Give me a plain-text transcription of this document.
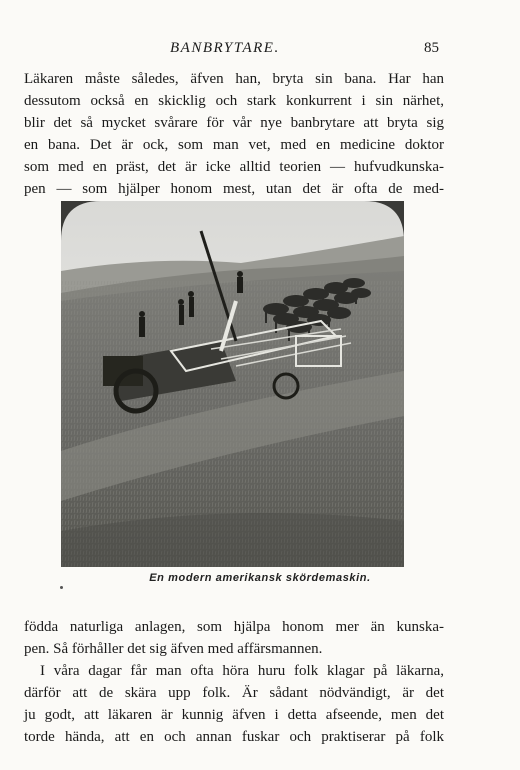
BANBRYTARE.	85
Läkaren måste således, äfven han, bryta sin bana. Har han
dessutom också en skicklig och stark konkurrent i sin närhet,
blir det så mycket svårare för vår nye banbrytare att bryta sig
en bana. Det är ock, som man vet, med en medicine doktor
som med en präst, det är icke alltid teorien — hufvudkunska-
pen — som hjälper honom mest, utan det är ofta de med-
En modern amerikansk skördemaskin.
födda naturliga anlagen, som hjälpa honom mer än kunska-
pen. Så förhåller det sig äfven med affärsmannen.
I våra dagar får man ofta höra huru folk klagar på läkarna,
därför att de skära upp folk. Är sådant nödvändigt, är det
ju godt, att läkaren är kunnig äfven i detta afseende, men det
torde hända, att en och annan fuskar och praktiserar på folk
